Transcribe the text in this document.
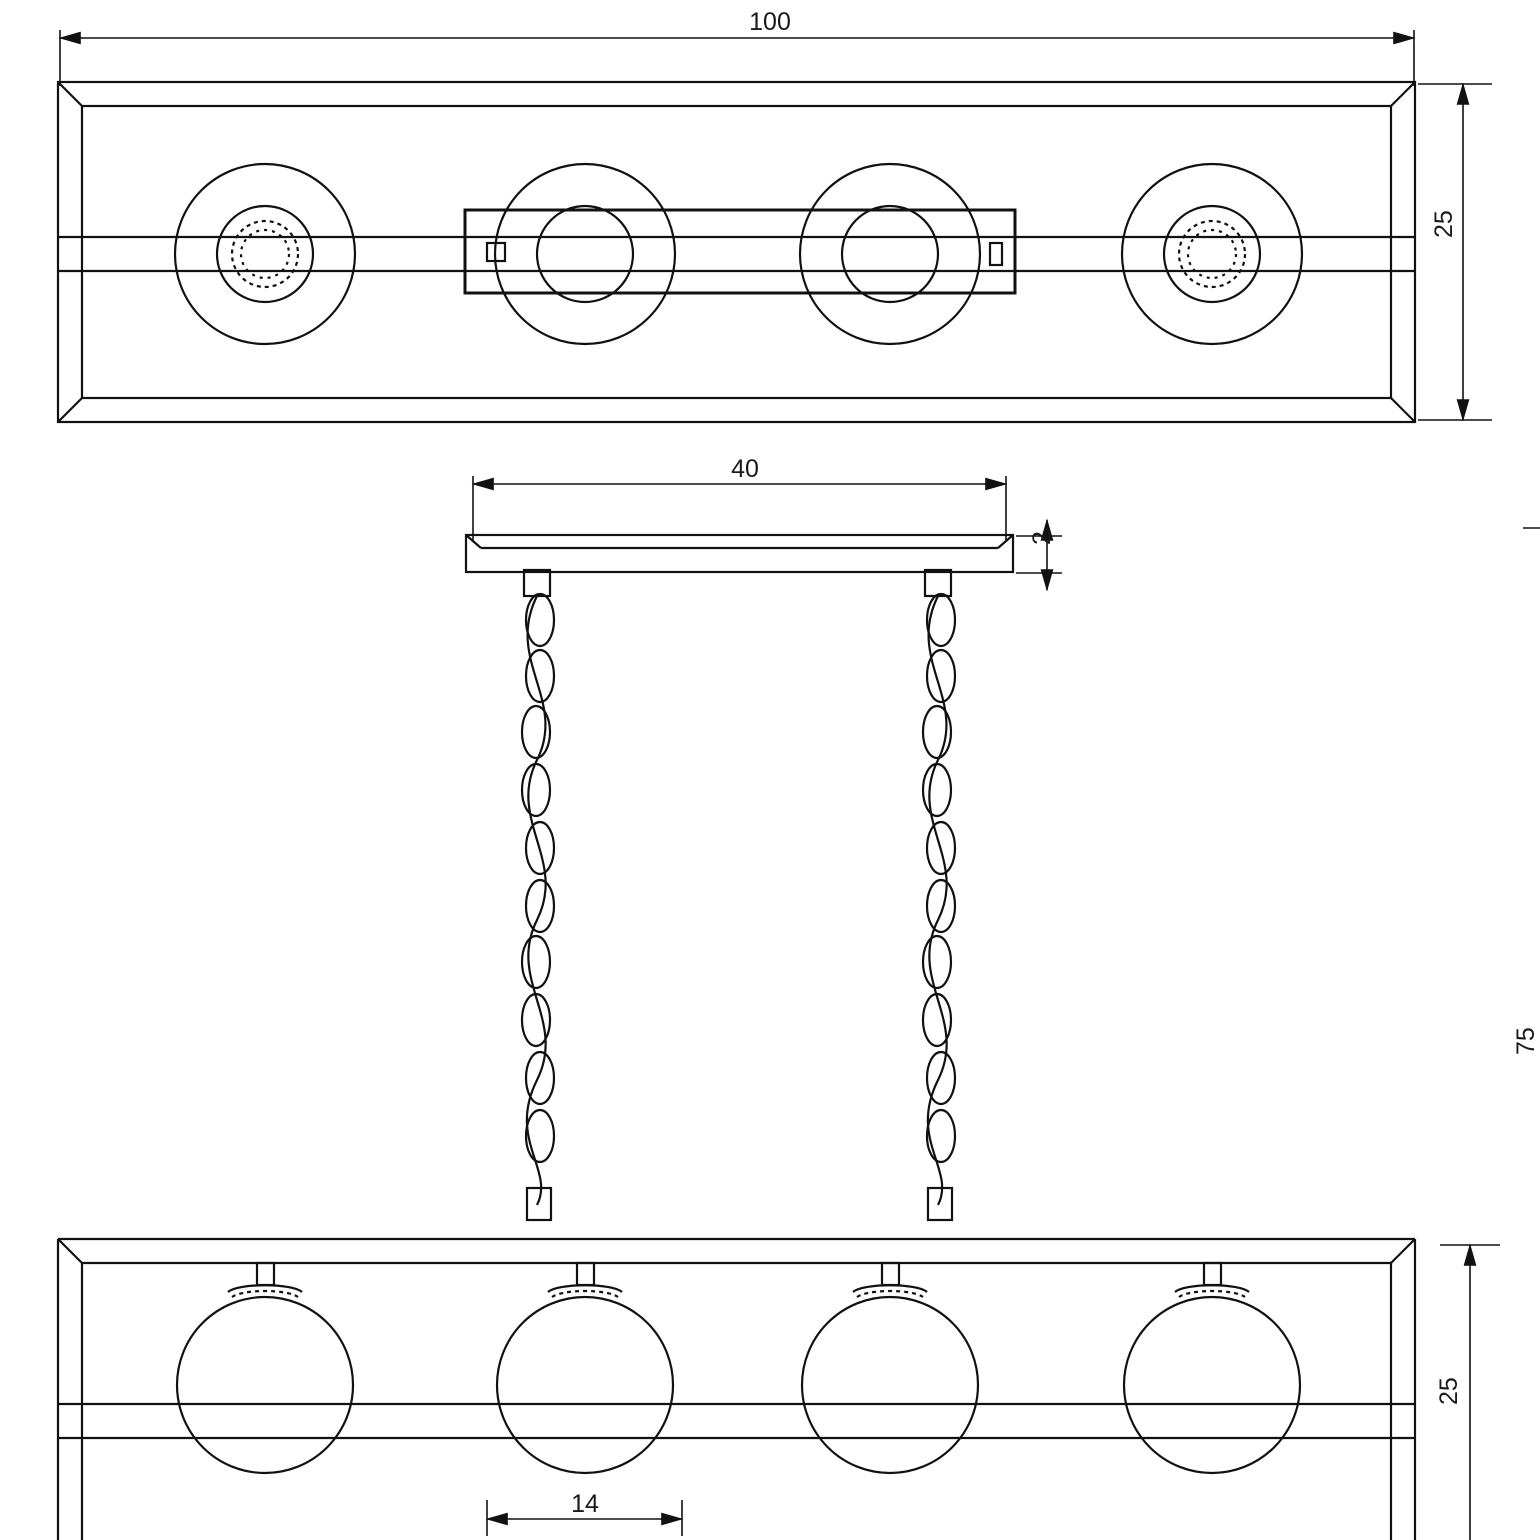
100
25
40
2
75
25
14
